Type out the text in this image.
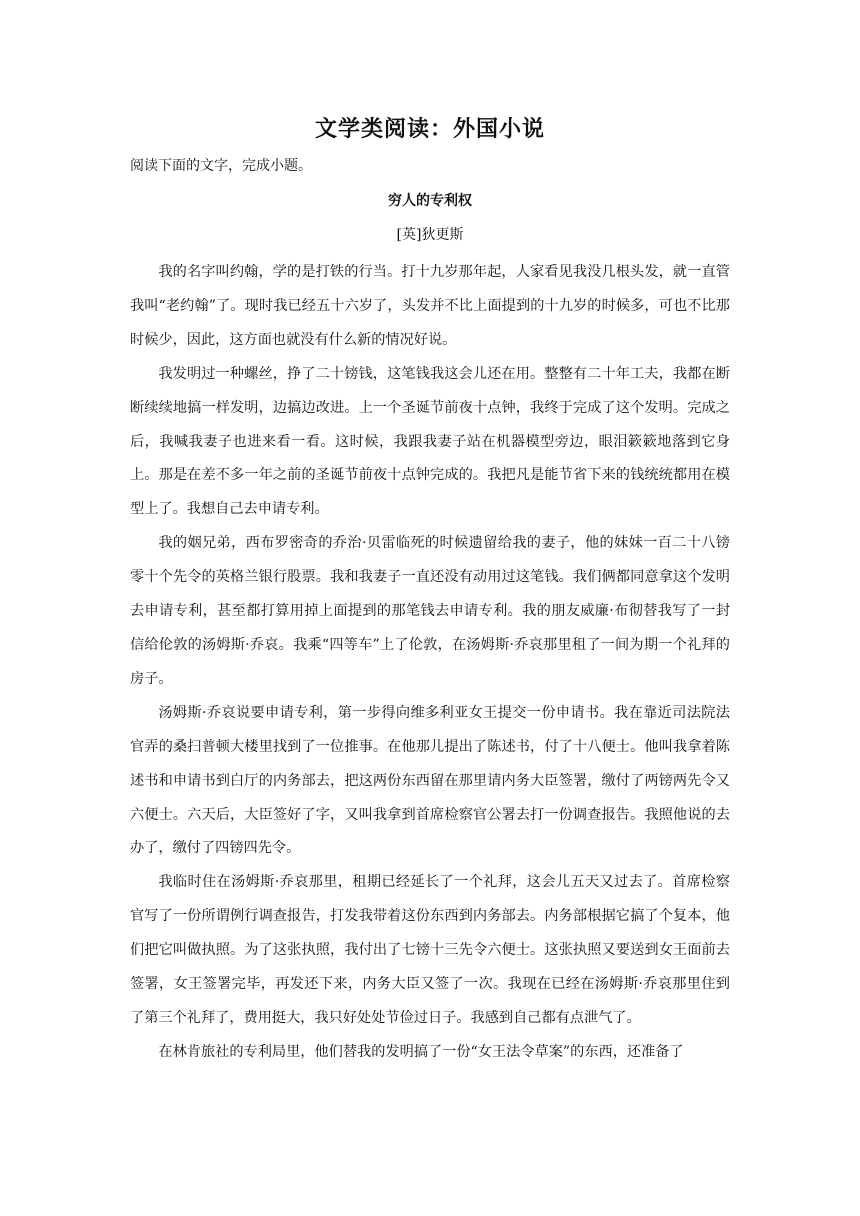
文学类阅读：外国小说
阅读下面的文字，完成小题。
穷人的专利权
[英]狄更斯

我的名字叫约翰，学的是打铁的行当。打十九岁那年起，人家看见我没几根头发，就一直管我叫“老约翰”了。现时我已经五十六岁了，头发并不比上面提到的十九岁的时候多，可也不比那时候少，因此，这方面也就没有什么新的情况好说。

我发明过一种螺丝，挣了二十镑钱，这笔钱我这会儿还在用。整整有二十年工夫，我都在断断续续地搞一样发明，边搞边改进。上一个圣诞节前夜十点钟，我终于完成了这个发明。完成之后，我喊我妻子也进来看一看。这时候，我跟我妻子站在机器模型旁边，眼泪簌簌地落到它身上。那是在差不多一年之前的圣诞节前夜十点钟完成的。我把凡是能节省下来的钱统统都用在模型上了。我想自己去申请专利。

我的姻兄弟，西布罗密奇的乔治·贝雷临死的时候遗留给我的妻子，他的妹妹一百二十八镑零十个先令的英格兰银行股票。我和我妻子一直还没有动用过这笔钱。我们俩都同意拿这个发明去申请专利，甚至都打算用掉上面提到的那笔钱去申请专利。我的朋友威廉·布彻替我写了一封信给伦敦的汤姆斯·乔哀。我乘“四等车”上了伦敦，在汤姆斯·乔哀那里租了一间为期一个礼拜的房子。

汤姆斯·乔哀说要申请专利，第一步得向维多利亚女王提交一份申请书。我在靠近司法院法官弄的桑扫普顿大楼里找到了一位推事。在他那儿提出了陈述书，付了十八便士。他叫我拿着陈述书和申请书到白厅的内务部去，把这两份东西留在那里请内务大臣签署，缴付了两镑两先令又六便士。六天后，大臣签好了字，又叫我拿到首席检察官公署去打一份调查报告。我照他说的去办了，缴付了四镑四先令。

我临时住在汤姆斯·乔哀那里，租期已经延长了一个礼拜，这会儿五天又过去了。首席检察官写了一份所谓例行调查报告，打发我带着这份东西到内务部去。内务部根据它搞了个复本，他们把它叫做执照。为了这张执照，我付出了七镑十三先令六便士。这张执照又要送到女王面前去签署，女王签署完毕，再发还下来，内务大臣又签了一次。我现在已经在汤姆斯·乔哀那里住到了第三个礼拜了，费用挺大，我只好处处节俭过日子。我感到自己都有点泄气了。

在林肯旅社的专利局里，他们替我的发明搞了一份“女王法令草案”的东西，还准备了
